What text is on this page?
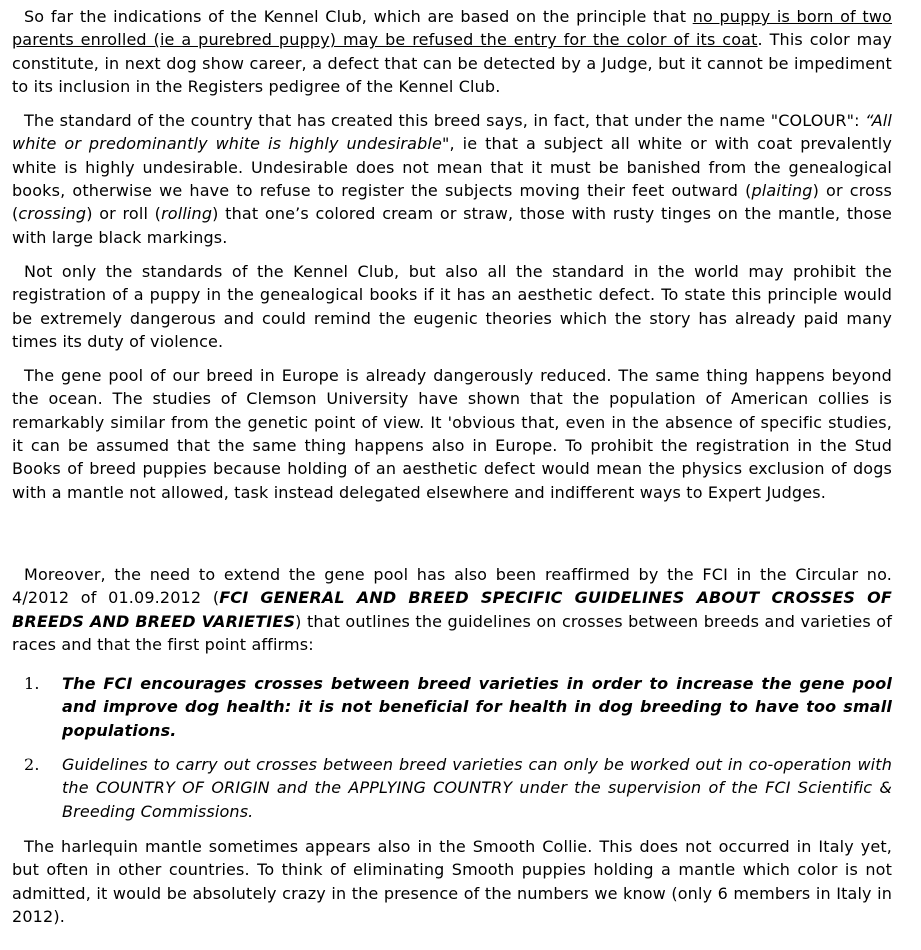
So far the indications of the Kennel Club, which are based on the principle that no puppy is born of two parents enrolled (ie a purebred puppy) may be refused the entry for the color of its coat. This color may constitute, in next dog show career, a defect that can be detected by a Judge, but it cannot be impediment to its inclusion in the Registers pedigree of the Kennel Club.

The standard of the country that has created this breed says, in fact, that under the name "COLOUR": “All white or predominantly white is highly undesirable", ie that a subject all white or with coat prevalently white is highly undesirable. Undesirable does not mean that it must be banished from the genealogical books, otherwise we have to refuse to register the subjects moving their feet outward (plaiting) or cross (crossing) or roll (rolling) that one’s colored cream or straw, those with rusty tinges on the mantle, those with large black markings.

Not only the standards of the Kennel Club, but also all the standard in the world may prohibit the registration of a puppy in the genealogical books if it has an aesthetic defect. To state this principle would be extremely dangerous and could remind the eugenic theories which the story has already paid many times its duty of violence.

The gene pool of our breed in Europe is already dangerously reduced. The same thing happens beyond the ocean. The studies of Clemson University have shown that the population of American collies is remarkably similar from the genetic point of view. It 'obvious that, even in the absence of specific studies, it can be assumed that the same thing happens also in Europe. To prohibit the registration in the Stud Books of breed puppies because holding of an aesthetic defect would mean the physics exclusion of dogs with a mantle not allowed, task instead delegated elsewhere and indifferent ways to Expert Judges.

Moreover, the need to extend the gene pool has also been reaffirmed by the FCI in the Circular no. 4/2012 of 01.09.2012 (FCI GENERAL AND BREED SPECIFIC GUIDELINES ABOUT CROSSES OF BREEDS AND BREED VARIETIES) that outlines the guidelines on crosses between breeds and varieties of races and that the first point affirms:

1. The FCI encourages crosses between breed varieties in order to increase the gene pool and improve dog health: it is not beneficial for health in dog breeding to have too small populations.
2. Guidelines to carry out crosses between breed varieties can only be worked out in co-operation with the COUNTRY OF ORIGIN and the APPLYING COUNTRY under the supervision of the FCI Scientific & Breeding Commissions.

The harlequin mantle sometimes appears also in the Smooth Collie. This does not occurred in Italy yet, but often in other countries. To think of eliminating Smooth puppies holding a mantle which color is not admitted, it would be absolutely crazy in the presence of the numbers we know (only 6 members in Italy in 2012).
